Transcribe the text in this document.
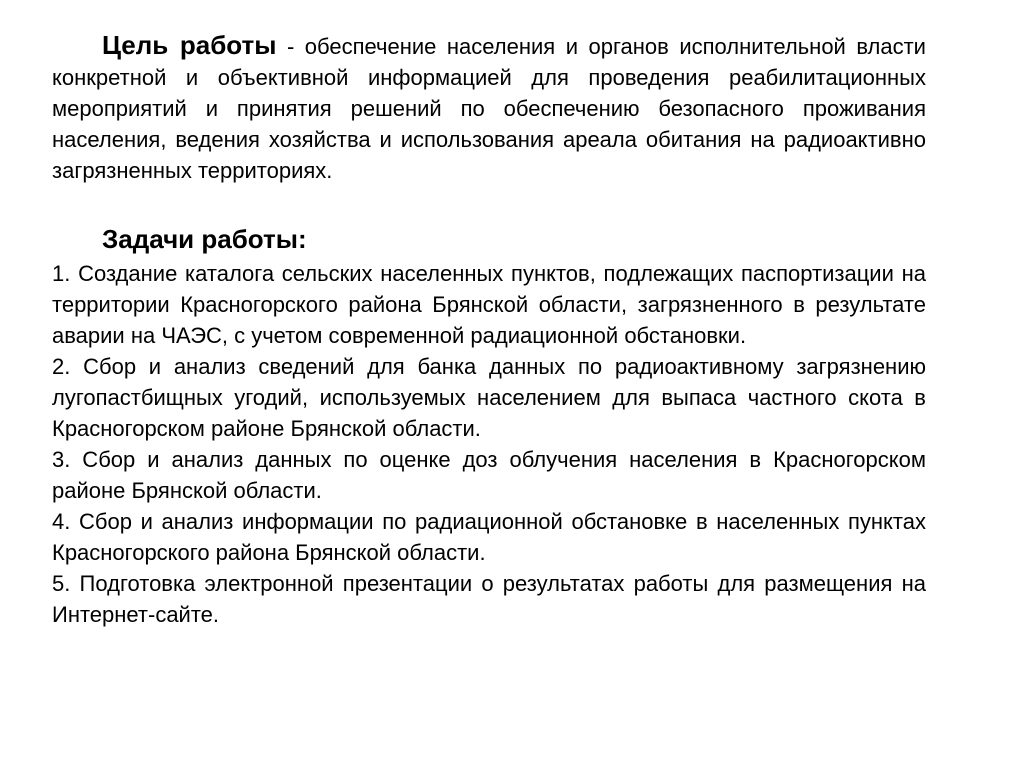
Цель работы - обеспечение населения и органов исполнительной власти конкретной и объективной информацией для проведения реабилитационных мероприятий и принятия решений по обеспечению безопасного проживания населения, ведения хозяйства и использования ареала обитания на радиоактивно загрязненных территориях.

Задачи работы:

1. Создание каталога сельских населенных пунктов, подлежащих паспортизации на территории Красногорского района Брянской области, загрязненного в результате аварии на ЧАЭС, с учетом современной радиационной обстановки.

2. Сбор и анализ сведений для банка данных по радиоактивному загрязнению лугопастбищных угодий, используемых населением для выпаса частного скота в Красногорском районе Брянской области.

3. Сбор и анализ данных по оценке доз облучения населения в Красногорском районе Брянской области.

4. Сбор и анализ информации по радиационной обстановке в населенных пунктах Красногорского района Брянской области.

5. Подготовка электронной презентации о результатах работы для размещения на Интернет-сайте.
